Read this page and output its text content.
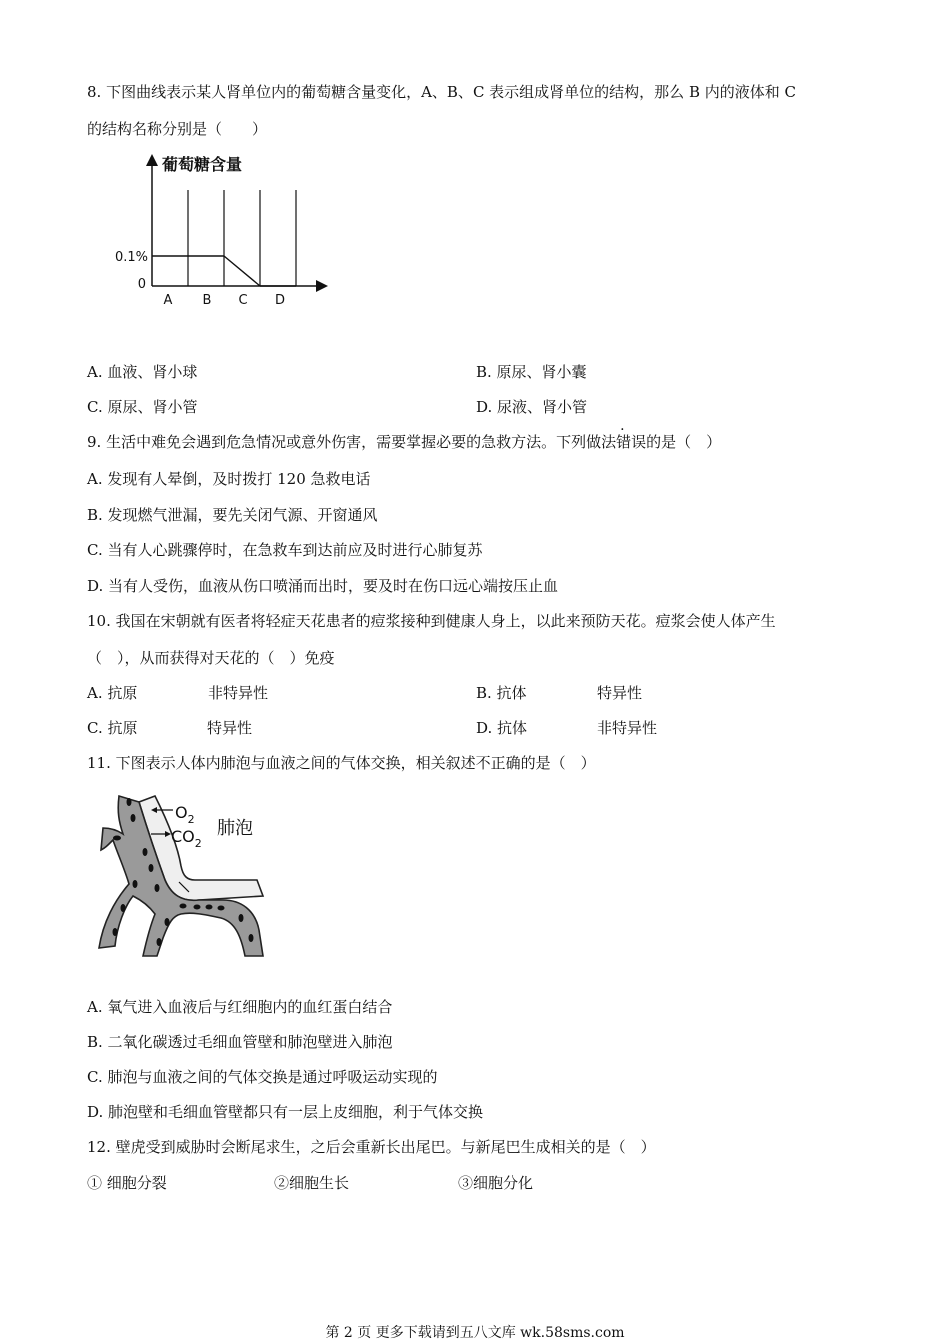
8. 下图曲线表示某人肾单位内的葡萄糖含量变化，A、B、C 表示组成肾单位的结构，那么 B 内的液体和 C
的结构名称分别是（　　）
葡萄糖含量
0.1%
0
A B C D
A. 血液、肾小球	B. 原尿、肾小囊
C. 原尿、肾小管	D. 尿液、肾小管
9. 生活中难免会遇到危急情况或意外伤害，需要掌握必要的急救方法。下列做法错误的是（　）
A. 发现有人晕倒，及时拨打 120 急救电话
B. 发现燃气泄漏，要先关闭气源、开窗通风
C. 当有人心跳骤停时，在急救车到达前应及时进行心肺复苏
D. 当有人受伤，血液从伤口喷涌而出时，要及时在伤口远心端按压止血
10. 我国在宋朝就有医者将轻症天花患者的痘浆接种到健康人身上，以此来预防天花。痘浆会使人体产生
（　），从而获得对天花的（　）免疫
A. 抗原	非特异性	B. 抗体	特异性
C. 抗原	特异性	D. 抗体	非特异性
11. 下图表示人体内肺泡与血液之间的气体交换，相关叙述不正确的是（　）
$O_2$
$CO_2$
肺泡
A. 氧气进入血液后与红细胞内的血红蛋白结合
B. 二氧化碳透过毛细血管壁和肺泡壁进入肺泡
C. 肺泡与血液之间的气体交换是通过呼吸运动实现的
D. 肺泡壁和毛细血管壁都只有一层上皮细胞，利于气体交换
12. 壁虎受到威胁时会断尾求生，之后会重新长出尾巴。与新尾巴生成相关的是（　）
① 细胞分裂	②细胞生长	③细胞分化
第 2 页 更多下载请到五八文库 wk.58sms.com
